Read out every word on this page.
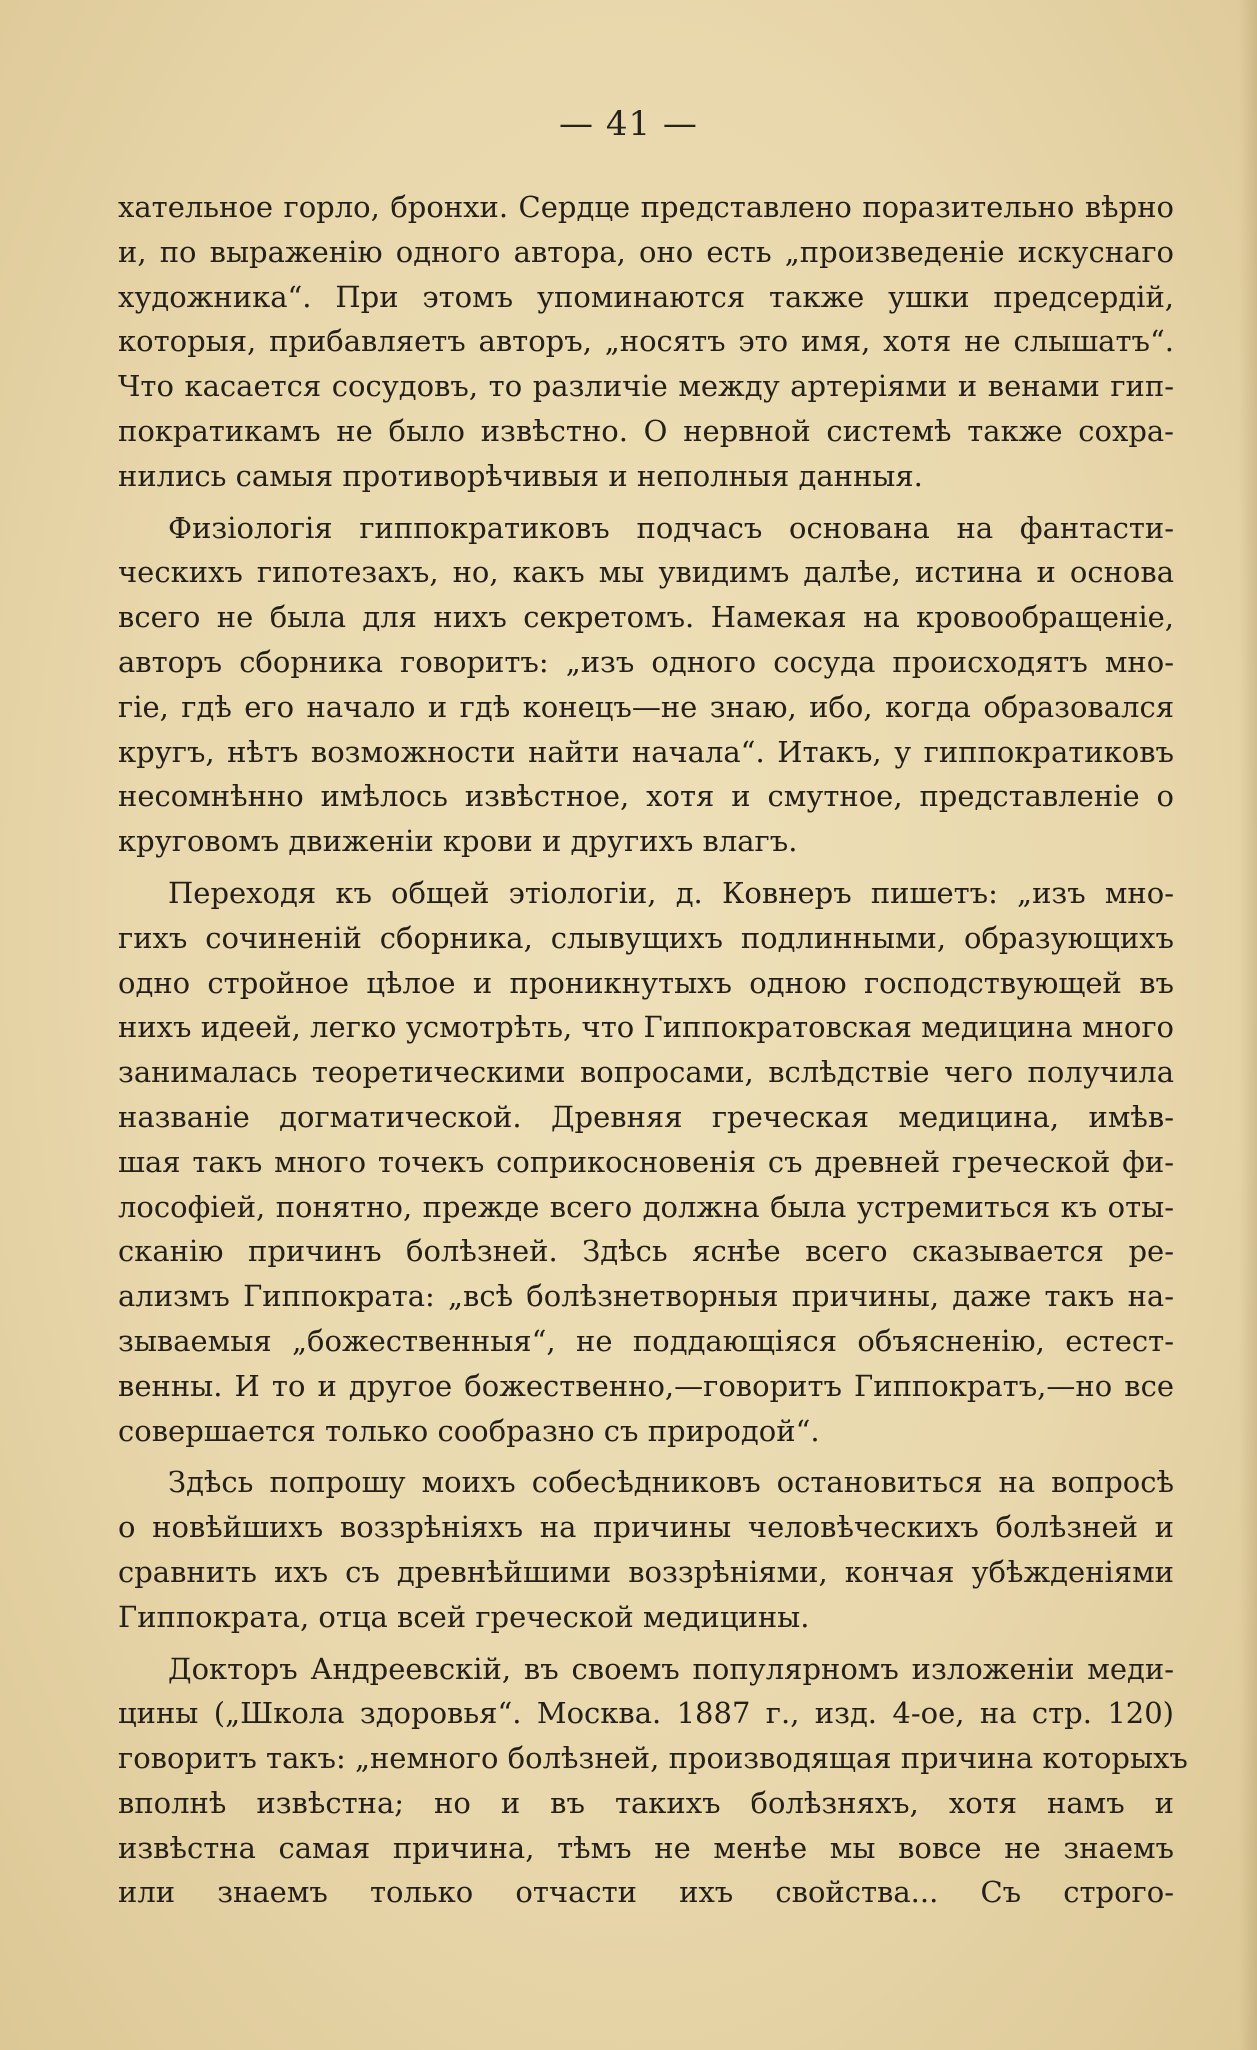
— 41 —
хательное горло, бронхи. Сердце представлено поразительно вѣрно
и, по выраженію одного автора, оно есть „произведеніе искуснаго
художника“. При этомъ упоминаются также ушки предсердій,
которыя, прибавляетъ авторъ, „носятъ это имя, хотя не слышатъ“.
Что касается сосудовъ, то различіе между артеріями и венами гип-
пократикамъ не было извѣстно. О нервной системѣ также сохра-
нились самыя противорѣчивыя и неполныя данныя.
Физіологія гиппократиковъ подчасъ основана на фантасти-
ческихъ гипотезахъ, но, какъ мы увидимъ далѣе, истина и основа
всего не была для нихъ секретомъ. Намекая на кровообращеніе,
авторъ сборника говоритъ: „изъ одного сосуда происходятъ мно-
гіе, гдѣ его начало и гдѣ конецъ—не знаю, ибо, когда образовался
кругъ, нѣтъ возможности найти начала“. Итакъ, у гиппократиковъ
несомнѣнно имѣлось извѣстное, хотя и смутное, представленіе о
круговомъ движеніи крови и другихъ влагъ.
Переходя къ общей этіологіи, д. Ковнеръ пишетъ: „изъ мно-
гихъ сочиненій сборника, слывущихъ подлинными, образующихъ
одно стройное цѣлое и проникнутыхъ одною господствующей въ
нихъ идеей, легко усмотрѣть, что Гиппократовская медицина много
занималась теоретическими вопросами, вслѣдствіе чего получила
названіе догматической. Древняя греческая медицина, имѣв-
шая такъ много точекъ соприкосновенія съ древней греческой фи-
лософіей, понятно, прежде всего должна была устремиться къ оты-
сканію причинъ болѣзней. Здѣсь яснѣе всего сказывается ре-
ализмъ Гиппократа: „всѣ болѣзнетворныя причины, даже такъ на-
зываемыя „божественныя“, не поддающіяся объясненію, естест-
венны. И то и другое божественно,—говоритъ Гиппократъ,—но все
совершается только сообразно съ природой“.
Здѣсь попрошу моихъ собесѣдниковъ остановиться на вопросѣ
о новѣйшихъ воззрѣніяхъ на причины человѣческихъ болѣзней и
сравнить ихъ съ древнѣйшими воззрѣніями, кончая убѣжденіями
Гиппократа, отца всей греческой медицины.
Докторъ Андреевскій, въ своемъ популярномъ изложеніи меди-
цины („Школа здоровья“. Москва. 1887 г., изд. 4-ое, на стр. 120)
говоритъ такъ: „немного болѣзней, производящая причина которыхъ
вполнѣ извѣстна; но и въ такихъ болѣзняхъ, хотя намъ и
извѣстна самая причина, тѣмъ не менѣе мы вовсе не знаемъ
или знаемъ только отчасти ихъ свойства... Съ строго-
